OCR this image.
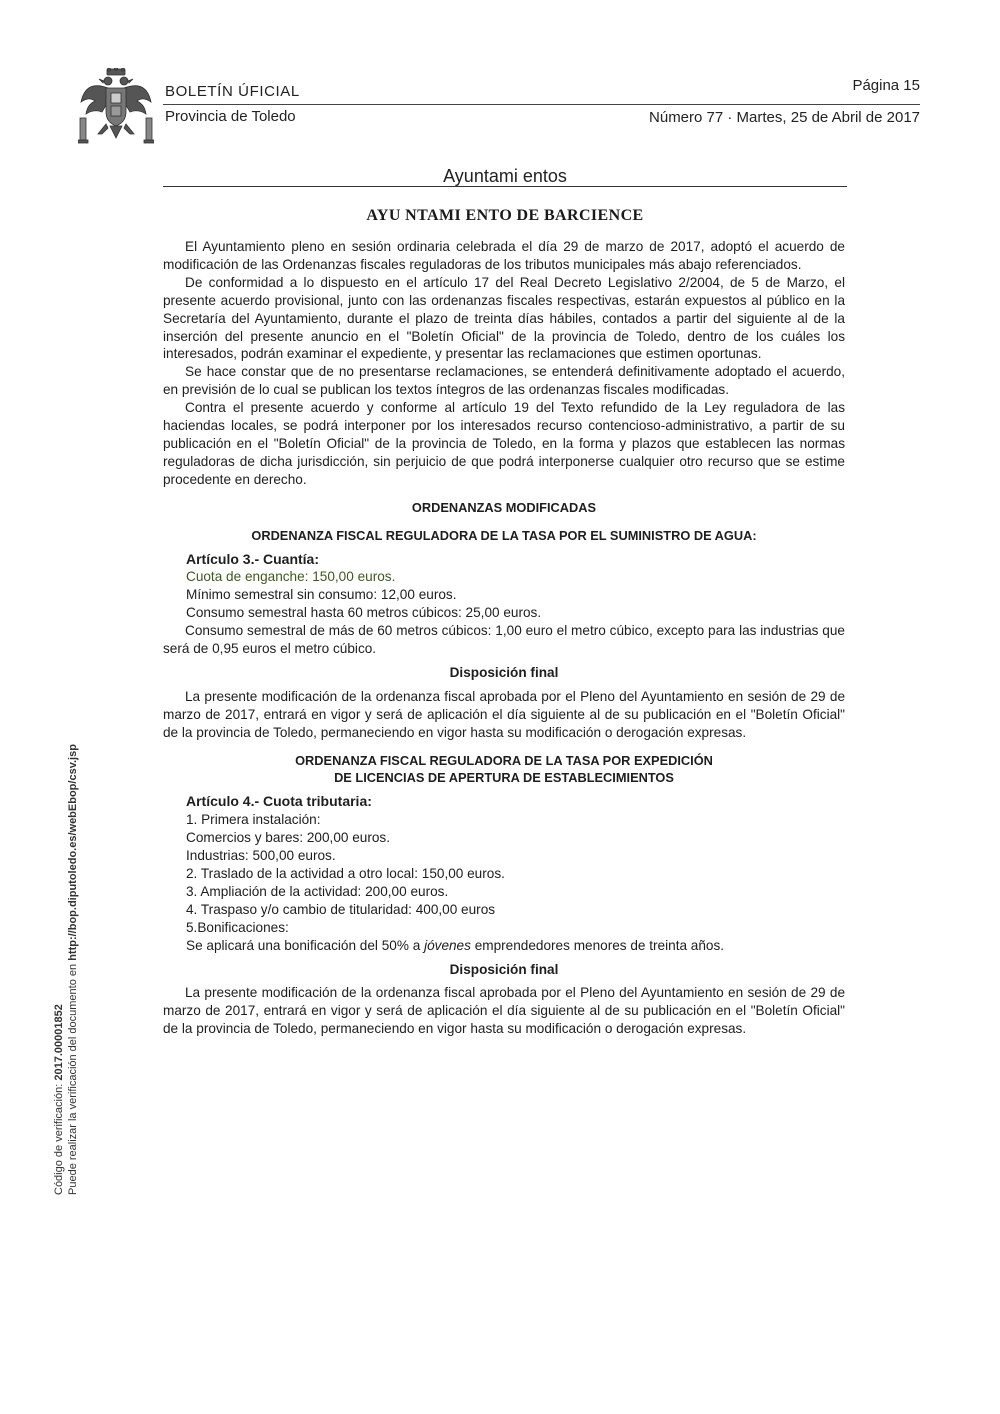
BOLETÍN ÚFICIAL	Página 15
Provincia de Toledo	Número 77 · Martes, 25 de Abril de 2017
Código de verificación: 2017.00001852 Puede realizar la verificación del documento en http://bop.diputoledo.es/webEbop/csv.jsp
Ayuntami entos
AYU NTAMI ENTO DE BARCIENCE

El Ayuntamiento pleno en sesión ordinaria celebrada el día 29 de marzo de 2017, adoptó el acuerdo de modificación de las Ordenanzas fiscales reguladoras de los tributos municipales más abajo referenciados.

De conformidad a lo dispuesto en el artículo 17 del Real Decreto Legislativo 2/2004, de 5 de Marzo, el presente acuerdo provisional, junto con las ordenanzas fiscales respectivas, estarán expuestos al público en la Secretaría del Ayuntamiento, durante el plazo de treinta días hábiles, contados a partir del siguiente al de la inserción del presente anuncio en el "Boletín Oficial" de la provincia de Toledo, dentro de los cuáles los interesados, podrán examinar el expediente, y presentar las reclamaciones que estimen oportunas.

Se hace constar que de no presentarse reclamaciones, se entenderá definitivamente adoptado el acuerdo, en previsión de lo cual se publican los textos íntegros de las ordenanzas fiscales modificadas.

Contra el presente acuerdo y conforme al artículo 19 del Texto refundido de la Ley reguladora de las haciendas locales, se podrá interponer por los interesados recurso contencioso-administrativo, a partir de su publicación en el "Boletín Oficial" de la provincia de Toledo, en la forma y plazos que establecen las normas reguladoras de dicha jurisdicción, sin perjuicio de que podrá interponerse cualquier otro recurso que se estime procedente en derecho.

ORDENANZAS MODIFICADAS

ORDENANZA FISCAL REGULADORA DE LA TASA POR EL SUMINISTRO DE AGUA:

Artículo 3.- Cuantía:

Cuota de enganche: 150,00 euros.

Mínimo semestral sin consumo: 12,00 euros.

Consumo semestral hasta 60 metros cúbicos: 25,00 euros.

Consumo semestral de más de 60 metros cúbicos: 1,00 euro el metro cúbico, excepto para las industrias que será de 0,95 euros el metro cúbico.

Disposición final

La presente modificación de la ordenanza fiscal aprobada por el Pleno del Ayuntamiento en sesión de 29 de marzo de 2017, entrará en vigor y será de aplicación el día siguiente al de su publicación en el "Boletín Oficial" de la provincia de Toledo, permaneciendo en vigor hasta su modificación o derogación expresas.

ORDENANZA FISCAL REGULADORA DE LA TASA POR EXPEDICIÓN

DE LICENCIAS DE APERTURA DE ESTABLECIMIENTOS

Artículo 4.- Cuota tributaria:

1. Primera instalación:

Comercios y bares: 200,00 euros.

Industrias: 500,00 euros.

2. Traslado de la actividad a otro local: 150,00 euros.

3. Ampliación de la actividad: 200,00 euros.

4. Traspaso y/o cambio de titularidad: 400,00 euros

5.Bonificaciones:

Se aplicará una bonificación del 50% a jóvenes emprendedores menores de treinta años.

Disposición final

La presente modificación de la ordenanza fiscal aprobada por el Pleno del Ayuntamiento en sesión de 29 de marzo de 2017, entrará en vigor y será de aplicación el día siguiente al de su publicación en el "Boletín Oficial" de la provincia de Toledo, permaneciendo en vigor hasta su modificación o derogación expresas.
